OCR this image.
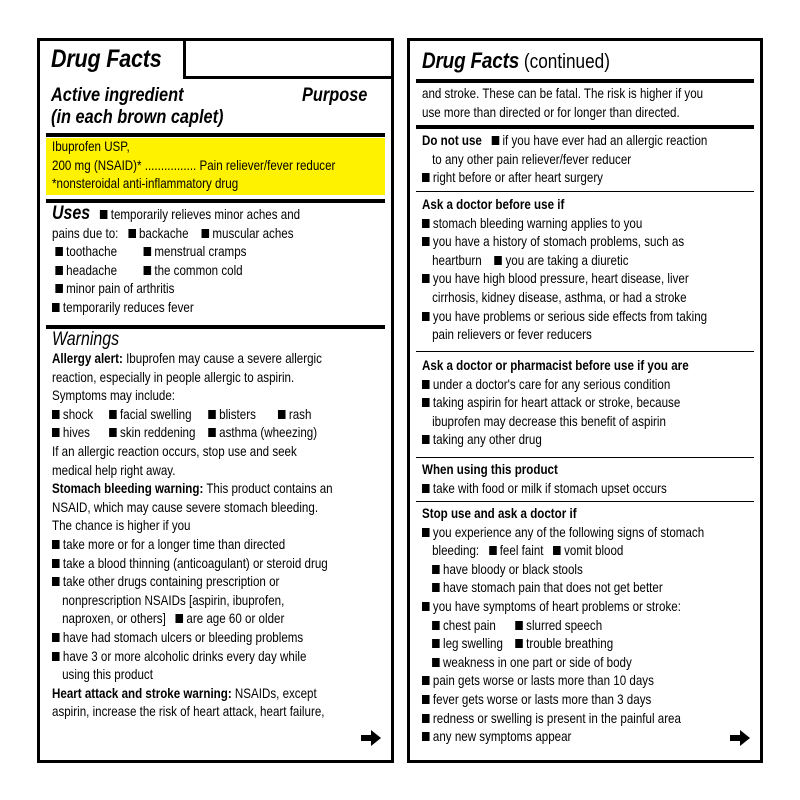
Drug Facts
Active ingredient	Purpose
(in each brown caplet)
Ibuprofen USP,
200 mg (NSAID)* ................ Pain reliever/fever reducer
*nonsteroidal anti-inflammatory drug
Uses temporarily relieves minor aches and
pains due to: backache muscular aches
toothache	menstrual cramps
headache	the common cold
minor pain of arthritis
temporarily reduces fever
Warnings
Allergy alert: Ibuprofen may cause a severe allergic
reaction, especially in people allergic to aspirin.
Symptoms may include:
shock facial swelling blisters rash
hives skin reddening asthma (wheezing)
If an allergic reaction occurs, stop use and seek
medical help right away.
Stomach bleeding warning: This product contains an
NSAID, which may cause severe stomach bleeding.
The chance is higher if you
take more or for a longer time than directed
take a blood thinning (anticoagulant) or steroid drug
take other drugs containing prescription or
nonprescription NSAIDs [aspirin, ibuprofen,
naproxen, or others] are age 60 or older
have had stomach ulcers or bleeding problems
have 3 or more alcoholic drinks every day while
using this product
Heart attack and stroke warning: NSAIDs, except
aspirin, increase the risk of heart attack, heart failure,
Drug Facts (continued)
and stroke. These can be fatal. The risk is higher if you
use more than directed or for longer than directed.
Do not use if you have ever had an allergic reaction
to any other pain reliever/fever reducer
right before or after heart surgery
Ask a doctor before use if
stomach bleeding warning applies to you
you have a history of stomach problems, such as
heartburn you are taking a diuretic
you have high blood pressure, heart disease, liver
cirrhosis, kidney disease, asthma, or had a stroke
you have problems or serious side effects from taking
pain relievers or fever reducers
Ask a doctor or pharmacist before use if you are
under a doctor's care for any serious condition
taking aspirin for heart attack or stroke, because
ibuprofen may decrease this benefit of aspirin
taking any other drug
When using this product
take with food or milk if stomach upset occurs
Stop use and ask a doctor if
you experience any of the following signs of stomach
bleeding: feel faint vomit blood
have bloody or black stools
have stomach pain that does not get better
you have symptoms of heart problems or stroke:
chest pain slurred speech
leg swelling trouble breathing
weakness in one part or side of body
pain gets worse or lasts more than 10 days
fever gets worse or lasts more than 3 days
redness or swelling is present in the painful area
any new symptoms appear
